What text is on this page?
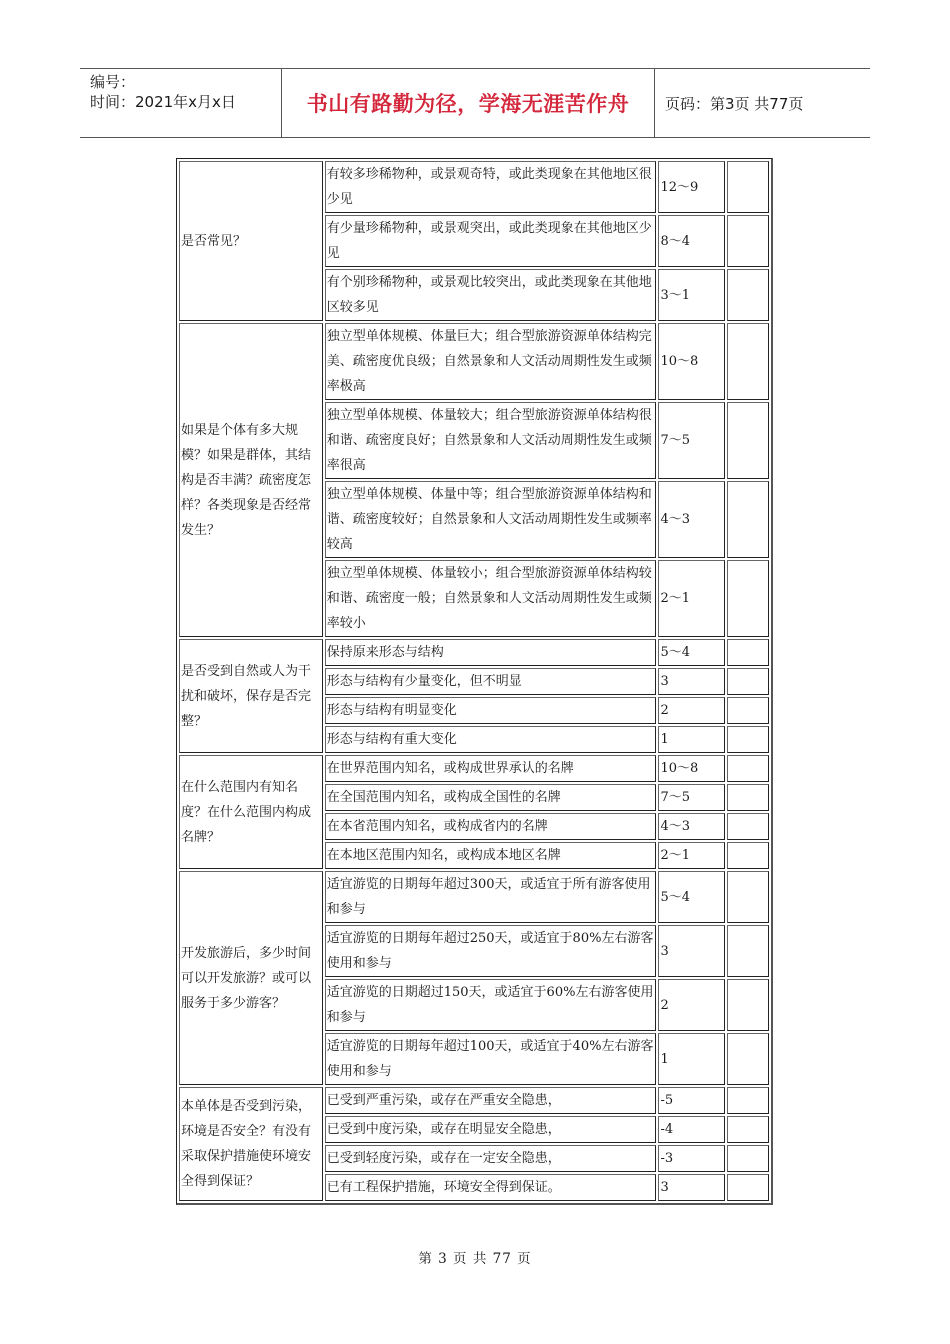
编号：
时间：2021年x月x日	书山有路勤为径，学海无涯苦作舟 页码：第3页 共77页
是否常见？	有较多珍稀物种，或景观奇特，或此类现象在其他地区很少见	12～9	
	有少量珍稀物种，或景观突出，或此类现象在其他地区少见	8～4	
	有个别珍稀物种，或景观比较突出，或此类现象在其他地区较多见	3～1	
如果是个体有多大规模？如果是群体，其结构是否丰满？疏密度怎样？各类现象是否经常发生？	独立型单体规模、体量巨大；组合型旅游资源单体结构完美、疏密度优良级；自然景象和人文活动周期性发生或频率极高	10～8	
	独立型单体规模、体量较大；组合型旅游资源单体结构很和谐、疏密度良好；自然景象和人文活动周期性发生或频率很高	7～5	
	独立型单体规模、体量中等；组合型旅游资源单体结构和谐、疏密度较好；自然景象和人文活动周期性发生或频率较高	4～3	
	独立型单体规模、体量较小；组合型旅游资源单体结构较和谐、疏密度一般；自然景象和人文活动周期性发生或频率较小	2～1	
是否受到自然或人为干扰和破坏，保存是否完整？	保持原来形态与结构	5～4	
	形态与结构有少量变化，但不明显	3	
	形态与结构有明显变化	2	
	形态与结构有重大变化	1	
在什么范围内有知名度？在什么范围内构成名牌？	在世界范围内知名，或构成世界承认的名牌	10～8	
	在全国范围内知名，或构成全国性的名牌	7～5	
	在本省范围内知名，或构成省内的名牌	4～3	
	在本地区范围内知名，或构成本地区名牌	2～1	
开发旅游后，多少时间可以开发旅游？或可以服务于多少游客？	适宜游览的日期每年超过300天，或适宜于所有游客使用和参与	5～4	
	适宜游览的日期每年超过250天，或适宜于80%左右游客使用和参与	3	
	适宜游览的日期超过150天，或适宜于60%左右游客使用和参与	2	
	适宜游览的日期每年超过100天，或适宜于40%左右游客使用和参与	1	
本单体是否受到污染，环境是否安全？有没有采取保护措施使环境安全得到保证？	已受到严重污染，或存在严重安全隐患，	-5	
	已受到中度污染，或存在明显安全隐患，	-4	
	已受到轻度污染，或存在一定安全隐患，	-3	
	已有工程保护措施，环境安全得到保证。	3	
第 3 页 共 77 页
